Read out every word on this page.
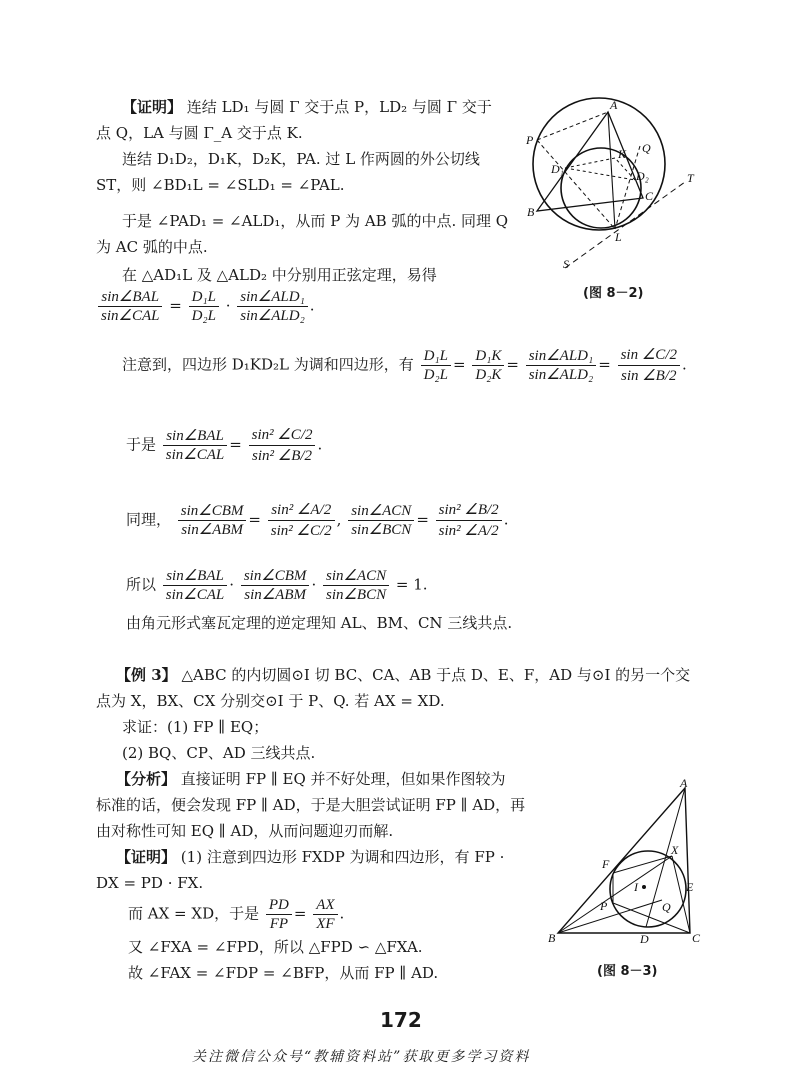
【证明】 连结 LD₁ 与圆 Γ 交于点 P，LD₂ 与圆 Γ 交于
点 Q，LA 与圆 Γ_A 交于点 K.
连结 D₁D₂，D₁K，D₂K，PA. 过 L 作两圆的外公切线
ST，则 ∠BD₁L = ∠SLD₁ = ∠PAL.
于是 ∠PAD₁ = ∠ALD₁，从而 P 为 AB 弧的中点. 同理 Q
为 AC 弧的中点.
在 △AD₁L 及 △ALD₂ 中分别用正弦定理，易得
$\frac{\text{sin∠BAL}}{\text{sin∠CAL}} = \frac{\text{D₁L}}{\text{D₂L}} \cdot \frac{\text{sin∠ALD₁}}{\text{sin∠ALD₂}}$ .
注意到，四边形 D₁KD₂L 为调和四边形，有 $\frac{\text{D₁L}}{\text{D₂L}} = \frac{\text{D₁K}}{\text{D₂K}} = \frac{\text{sin∠ALD₁}}{\text{sin∠ALD₂}} = \frac{\sin \angle C/2}{\sin \angle B/2}$ .
于是 $\frac{\text{sin∠BAL}}{\text{sin∠CAL}} = \frac{\text{sin² ∠C/2}}{\text{sin² ∠B/2}}$ .
同理， $\frac{\text{sin∠CBM}}{\text{sin∠ABM}} = \frac{\text{sin² ∠A/2}}{\text{sin² ∠C/2}}$ , $\frac{\text{sin∠ACN}}{\text{sin∠BCN}} = \frac{\text{sin² ∠B/2}}{\text{sin² ∠A/2}}$ .
所以 $\frac{\text{sin∠BAL}}{\text{sin∠CAL}} \cdot \frac{\text{sin∠CBM}}{\text{sin∠ABM}} \cdot \frac{\text{sin∠ACN}}{\text{sin∠BCN}} = 1$.
由角元形式塞瓦定理的逆定理知 AL、BM、CN 三线共点.
A
P
Q
D₁	D₂
K
B
C
L
T
S
(图 8－2)
【例 3】 △ABC 的内切圆⊙I 切 BC、CA、AB 于点 D、E、F，AD 与⊙I 的另一个交
点为 X，BX、CX 分别交⊙I 于 P、Q. 若 AX = XD.
求证：(1) FP ∥ EQ；
(2) BQ、CP、AD 三线共点.
【分析】 直接证明 FP ∥ EQ 并不好处理，但如果作图较为
标准的话，便会发现 FP ∥ AD，于是大胆尝试证明 FP ∥ AD，再
由对称性可知 EQ ∥ AD，从而问题迎刃而解.
【证明】 (1) 注意到四边形 FXDP 为调和四边形，有 FP ·
DX = PD · FX.
而 AX = XD，于是 $\frac{PD}{FP} = \frac{AX}{XF}$ .
又 ∠FXA = ∠FPD，所以 △FPD ∽ △FXA.
故 ∠FAX = ∠FDP = ∠BFP，从而 FP ∥ AD.
A
F
X
E
I
P	Q
B	D	C
(图 8－3)
172
关注微信公众号“教辅资料站”获取更多学习资料
